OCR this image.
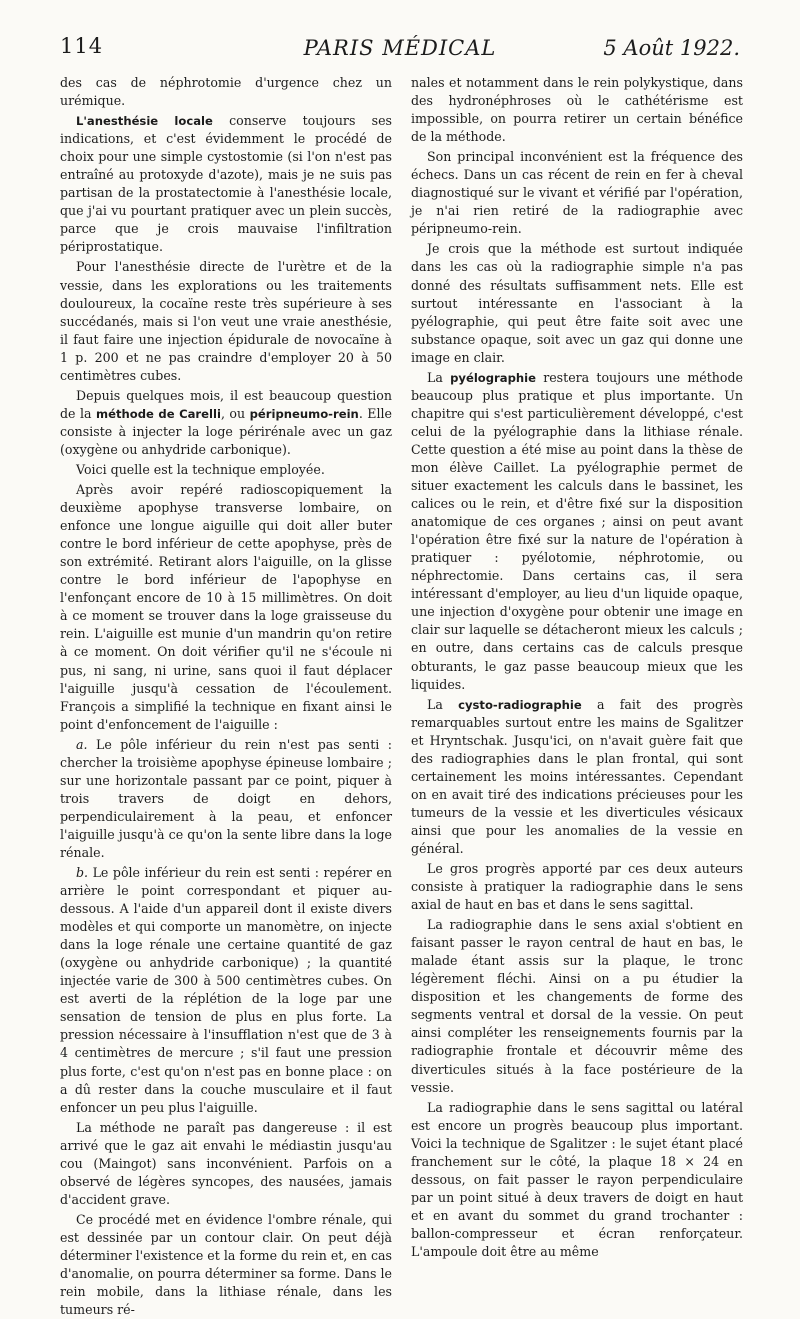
114	PARIS MÉDICAL	5 Août 1922.

des cas de néphrotomie d'urgence chez un urémique.

L'anesthésie locale conserve toujours ses indications, et c'est évidemment le procédé de choix pour une simple cystostomie (si l'on n'est pas entraîné au protoxyde d'azote), mais je ne suis pas partisan de la prostatectomie à l'anesthésie locale, que j'ai vu pourtant pratiquer avec un plein succès, parce que je crois mauvaise l'infiltration périprostatique.

Pour l'anesthésie directe de l'urètre et de la vessie, dans les explorations ou les traitements douloureux, la cocaïne reste très supérieure à ses succédanés, mais si l'on veut une vraie anesthésie, il faut faire une injection épidurale de novocaïne à 1 p. 200 et ne pas craindre d'employer 20 à 50 centimètres cubes.

Depuis quelques mois, il est beaucoup question de la méthode de Carelli, ou péripneumo-rein. Elle consiste à injecter la loge périrénale avec un gaz (oxygène ou anhydride carbonique).

Voici quelle est la technique employée.

Après avoir repéré radioscopiquement la deuxième apophyse transverse lombaire, on enfonce une longue aiguille qui doit aller buter contre le bord inférieur de cette apophyse, près de son extrémité. Retirant alors l'aiguille, on la glisse contre le bord inférieur de l'apophyse en l'enfonçant encore de 10 à 15 millimètres. On doit à ce moment se trouver dans la loge graisseuse du rein. L'aiguille est munie d'un mandrin qu'on retire à ce moment. On doit vérifier qu'il ne s'écoule ni pus, ni sang, ni urine, sans quoi il faut déplacer l'aiguille jusqu'à cessation de l'écoulement. François a simplifié la technique en fixant ainsi le point d'enfoncement de l'aiguille :

a. Le pôle inférieur du rein n'est pas senti : chercher la troisième apophyse épineuse lombaire ; sur une horizontale passant par ce point, piquer à trois travers de doigt en dehors, perpendiculairement à la peau, et enfoncer l'aiguille jusqu'à ce qu'on la sente libre dans la loge rénale.

b. Le pôle inférieur du rein est senti : repérer en arrière le point correspondant et piquer au-dessous. A l'aide d'un appareil dont il existe divers modèles et qui comporte un manomètre, on injecte dans la loge rénale une certaine quantité de gaz (oxygène ou anhydride carbonique) ; la quantité injectée varie de 300 à 500 centimètres cubes. On est averti de la réplétion de la loge par une sensation de tension de plus en plus forte. La pression nécessaire à l'insufflation n'est que de 3 à 4 centimètres de mercure ; s'il faut une pression plus forte, c'est qu'on n'est pas en bonne place : on a dû rester dans la couche musculaire et il faut enfoncer un peu plus l'aiguille.

La méthode ne paraît pas dangereuse : il est arrivé que le gaz ait envahi le médiastin jusqu'au cou (Maingot) sans inconvénient. Parfois on a observé de légères syncopes, des nausées, jamais d'accident grave.

Ce procédé met en évidence l'ombre rénale, qui est dessinée par un contour clair. On peut déjà déterminer l'existence et la forme du rein et, en cas d'anomalie, on pourra déterminer sa forme. Dans le rein mobile, dans la lithiase rénale, dans les tumeurs ré-

nales et notamment dans le rein polykystique, dans des hydronéphroses où le cathétérisme est impossible, on pourra retirer un certain bénéfice de la méthode.

Son principal inconvénient est la fréquence des échecs. Dans un cas récent de rein en fer à cheval diagnostiqué sur le vivant et vérifié par l'opération, je n'ai rien retiré de la radiographie avec péripneumo-rein.

Je crois que la méthode est surtout indiquée dans les cas où la radiographie simple n'a pas donné des résultats suffisamment nets. Elle est surtout intéressante en l'associant à la pyélographie, qui peut être faite soit avec une substance opaque, soit avec un gaz qui donne une image en clair.

La pyélographie restera toujours une méthode beaucoup plus pratique et plus importante. Un chapitre qui s'est particulièrement développé, c'est celui de la pyélographie dans la lithiase rénale. Cette question a été mise au point dans la thèse de mon élève Caillet. La pyélographie permet de situer exactement les calculs dans le bassinet, les calices ou le rein, et d'être fixé sur la disposition anatomique de ces organes ; ainsi on peut avant l'opération être fixé sur la nature de l'opération à pratiquer : pyélotomie, néphrotomie, ou néphrectomie. Dans certains cas, il sera intéressant d'employer, au lieu d'un liquide opaque, une injection d'oxygène pour obtenir une image en clair sur laquelle se détacheront mieux les calculs ; en outre, dans certains cas de calculs presque obturants, le gaz passe beaucoup mieux que les liquides.

La cysto-radiographie a fait des progrès remarquables surtout entre les mains de Sgalitzer et Hryntschak. Jusqu'ici, on n'avait guère fait que des radiographies dans le plan frontal, qui sont certainement les moins intéressantes. Cependant on en avait tiré des indications précieuses pour les tumeurs de la vessie et les diverticules vésicaux ainsi que pour les anomalies de la vessie en général.

Le gros progrès apporté par ces deux auteurs consiste à pratiquer la radiographie dans le sens axial de haut en bas et dans le sens sagittal.

La radiographie dans le sens axial s'obtient en faisant passer le rayon central de haut en bas, le malade étant assis sur la plaque, le tronc légèrement fléchi. Ainsi on a pu étudier la disposition et les changements de forme des segments ventral et dorsal de la vessie. On peut ainsi compléter les renseignements fournis par la radiographie frontale et découvrir même des diverticules situés à la face postérieure de la vessie.

La radiographie dans le sens sagittal ou latéral est encore un progrès beaucoup plus important. Voici la technique de Sgalitzer : le sujet étant placé franchement sur le côté, la plaque 18 × 24 en dessous, on fait passer le rayon perpendiculaire par un point situé à deux travers de doigt en haut et en avant du sommet du grand trochanter : ballon-compresseur et écran renforçateur. L'ampoule doit être au même
